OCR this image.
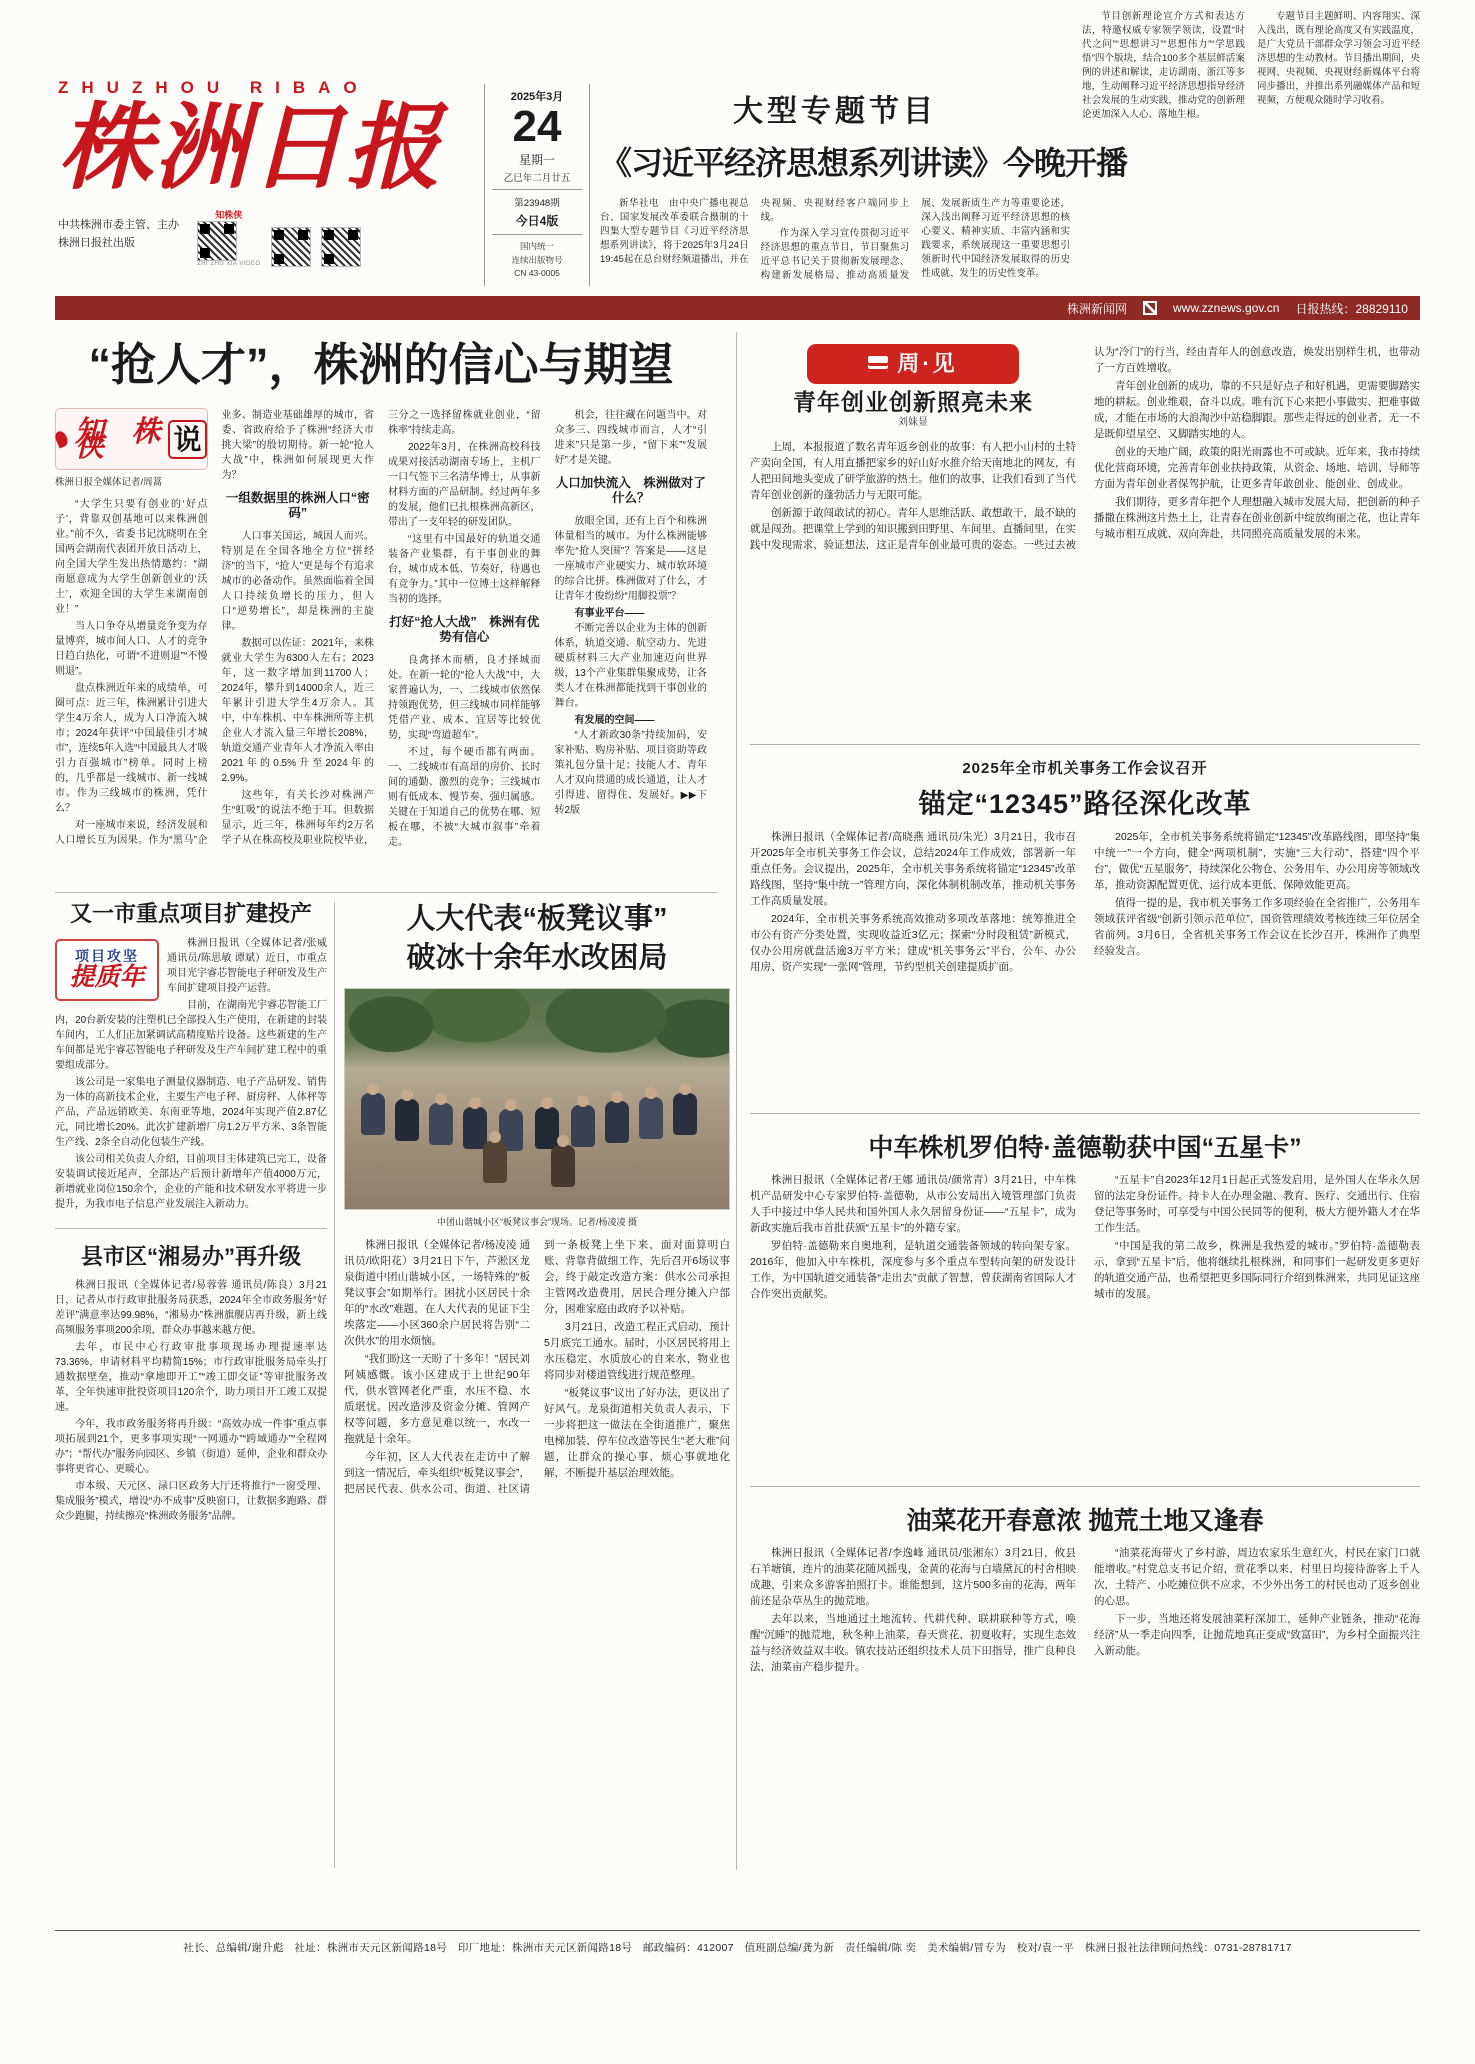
ZHUZHOU RIBAO
株洲日报
中共株洲市委主管、主办
株洲日报社出版
知株侠
ZHI ZHU XIA VIDEO
2025年3月
24
星期一
乙巳年二月廿五
第23948期
今日4版
国内统一
连续出版物号
CN 43-0005
大型专题节目
《习近平经济思想系列讲读》今晚开播

新华社电　由中央广播电视总台、国家发展改革委联合摄制的十四集大型专题节目《习近平经济思想系列讲读》，将于2025年3月24日19:45起在总台财经频道播出，并在央视频、央视财经客户端同步上线。

作为深入学习宣传贯彻习近平经济思想的重点节目，节目聚焦习近平总书记关于贯彻新发展理念、构建新发展格局、推动高质量发展、发展新质生产力等重要论述，深入浅出阐释习近平经济思想的核心要义、精神实质、丰富内涵和实践要求，系统展现这一重要思想引领新时代中国经济发展取得的历史性成就、发生的历史性变革。

节目创新理论宣介方式和表达方法，特邀权威专家领学领读，设置“时代之问”“思想讲习”“思想伟力”“学思践悟”四个版块，结合100多个基层鲜活案例的讲述和解读，走访湖南、浙江等多地，生动阐释习近平经济思想指导经济社会发展的生动实践，推动党的创新理论更加深入人心、落地生根。

专题节目主题鲜明、内容翔实、深入浅出，既有理论高度又有实践温度，是广大党员干部群众学习领会习近平经济思想的生动教材。节目播出期间，央视网、央视频、央视财经新媒体平台将同步播出，并推出系列融媒体产品和短视频，方便观众随时学习收看。

株洲新闻网	www.zznews.gov.cn 日报热线：28829110
“抢人才”，株洲的信心与期望
知株侠	说

株洲日报全媒体记者/周蒿

“大学生只要有创业的‘好点子’，背靠双创基地可以来株洲创业。”前不久，省委书记沈晓明在全国两会湖南代表团开放日活动上，向全国大学生发出热情邀约：“湖南愿意成为大学生创新创业的‘沃土’，欢迎全国的大学生来湖南创业！”

当人口争夺从增量竞争变为存量博弈，城市间人口、人才的竞争日趋白热化，可谓“不进则退”“不慢则退”。

盘点株洲近年来的成绩单，可圈可点：近三年，株洲累计引进大学生4万余人，成为人口净流入城市；2024年获评“中国最佳引才城市”，连续5年入选“中国最具人才吸引力百强城市”榜单。同时上榜的，几乎都是一线城市、新一线城市。作为三线城市的株洲，凭什么？

对一座城市来说，经济发展和人口增长互为因果。作为“黑马”企业多、制造业基础雄厚的城市，省委、省政府给予了株洲“经济大市挑大梁”的殷切期待。新一轮“抢人大战”中，株洲如何展现更大作为？

一组数据里的株洲人口“密码”

人口事关国运，城因人而兴。特别是在全国各地全方位“拼经济”的当下，“抢人”更是每个有追求城市的必备动作。虽然面临着全国人口持续负增长的压力，但人口“逆势增长”，却是株洲的主旋律。

数据可以佐证：2021年，来株就业大学生为6300人左右；2023年，这一数字增加到11700人；2024年，攀升到14000余人，近三年累计引进大学生4万余人。其中，中车株机、中车株洲所等主机企业人才流入量三年增长208%，轨道交通产业青年人才净流入率由2021年的0.5%升至2024年的2.9%。

这些年，有关长沙对株洲产生“虹吸”的说法不绝于耳。但数据显示，近三年，株洲每年约2万名学子从在株高校及职业院校毕业，三分之一选择留株就业创业，“留株率”持续走高。

2022年3月，在株洲高校科技成果对接活动湖南专场上，主机厂一口气签下三名清华博士，从事新材料方面的产品研制。经过两年多的发展，他们已扎根株洲高新区，带出了一支年轻的研发团队。

“这里有中国最好的轨道交通装备产业集群，有干事创业的舞台，城市成本低、节奏好，待遇也有竞争力。”其中一位博士这样解释当初的选择。

打好“抢人大战”　株洲有优势有信心

良禽择木而栖，良才择城而处。在新一轮的“抢人大战”中，大家普遍认为，一、二线城市依然保持领跑优势，但三线城市同样能够凭借产业、成本、宜居等比较优势，实现“弯道超车”。

不过，每个硬币都有两面。一、二线城市有高昂的房价、长时间的通勤、激烈的竞争；三线城市则有低成本、慢节奏、强归属感。关键在于知道自己的优势在哪、短板在哪，不被“大城市叙事”牵着走。

机会，往往藏在问题当中。对众多三、四线城市而言，人才“引进来”只是第一步，“留下来”“发展好”才是关键。

人口加快流入　株洲做对了什么？

放眼全国，还有上百个和株洲体量相当的城市。为什么株洲能够率先“抢人突围”？答案是——这是一座城市产业硬实力、城市软环境的综合比拼。株洲做对了什么，才让青年才俊纷纷“用脚投票”？

有事业平台——

不断完善以企业为主体的创新体系，轨道交通、航空动力、先进硬质材料三大产业加速迈向世界级，13个产业集群集聚成势，让各类人才在株洲都能找到干事创业的舞台。

有发展的空间——

“人才新政30条”持续加码，安家补贴、购房补贴、项目资助等政策礼包分量十足；技能人才、青年人才双向贯通的成长通道，让人才引得进、留得住、发展好。▶▶下转2版

周·见
青年创业创新照亮未来
刘妹显

上周，本报报道了数名青年返乡创业的故事：有人把小山村的土特产卖向全国，有人用直播把家乡的好山好水推介给天南地北的网友，有人把田间地头变成了研学旅游的热土。他们的故事，让我们看到了当代青年创业创新的蓬勃活力与无限可能。

创新源于敢闯敢试的初心。青年人思维活跃、敢想敢干，最不缺的就是闯劲。把课堂上学到的知识搬到田野里、车间里、直播间里，在实践中发现需求、验证想法，这正是青年创业最可贵的姿态。一些过去被认为“冷门”的行当，经由青年人的创意改造，焕发出别样生机，也带动了一方百姓增收。

青年创业创新的成功，靠的不只是好点子和好机遇，更需要脚踏实地的耕耘。创业维艰，奋斗以成。唯有沉下心来把小事做实、把难事做成，才能在市场的大浪淘沙中站稳脚跟。那些走得远的创业者，无一不是既仰望星空、又脚踏实地的人。

创业的天地广阔，政策的阳光雨露也不可或缺。近年来，我市持续优化营商环境，完善青年创业扶持政策，从资金、场地、培训、导师等方面为青年创业者保驾护航，让更多青年敢创业、能创业、创成业。

我们期待，更多青年把个人理想融入城市发展大局，把创新的种子播撒在株洲这片热土上，让青春在创业创新中绽放绚丽之花，也让青年与城市相互成就、双向奔赴，共同照亮高质量发展的未来。

2025年全市机关事务工作会议召开
锚定“12345”路径深化改革

株洲日报讯（全媒体记者/高晓燕 通讯员/朱光）3月21日，我市召开2025年全市机关事务工作会议，总结2024年工作成效，部署新一年重点任务。会议提出，2025年，全市机关事务系统将锚定“12345”改革路线图，坚持“集中统一”管理方向，深化体制机制改革，推动机关事务工作高质量发展。

2024年，全市机关事务系统高效推动多项改革落地：统筹推进全市公有资产分类处置，实现收益近3亿元；探索“分时段租赁”新模式，仅办公用房就盘活逾3万平方米；建成“机关事务云”平台，公车、办公用房、资产实现“一张网”管理，节约型机关创建提质扩面。

2025年，全市机关事务系统将锚定“12345”改革路线图，即坚持“集中统一”一个方向，健全“两项机制”，实施“三大行动”，搭建“四个平台”，做优“五星服务”，持续深化公物仓、公务用车、办公用房等领域改革，推动资源配置更优、运行成本更低、保障效能更高。

值得一提的是，我市机关事务工作多项经验在全省推广，公务用车领域获评省级“创新引领示范单位”，国资管理绩效考核连续三年位居全省前列。3月6日，全省机关事务工作会议在长沙召开，株洲作了典型经验发言。

中车株机罗伯特·盖德勒获中国“五星卡”

株洲日报讯（全媒体记者/王娜 通讯员/颜常青）3月21日，中车株机产品研发中心专家罗伯特·盖德勒，从市公安局出入境管理部门负责人手中接过中华人民共和国外国人永久居留身份证——“五星卡”，成为新政实施后我市首批获颁“五星卡”的外籍专家。

罗伯特·盖德勒来自奥地利，是轨道交通装备领域的转向架专家。2016年，他加入中车株机，深度参与多个重点车型转向架的研发设计工作，为中国轨道交通装备“走出去”贡献了智慧，曾获湖南省国际人才合作突出贡献奖。

“五星卡”自2023年12月1日起正式签发启用，是外国人在华永久居留的法定身份证件。持卡人在办理金融、教育、医疗、交通出行、住宿登记等事务时，可享受与中国公民同等的便利，极大方便外籍人才在华工作生活。

“中国是我的第二故乡，株洲是我热爱的城市。”罗伯特·盖德勒表示，拿到“五星卡”后，他将继续扎根株洲，和同事们一起研发更多更好的轨道交通产品，也希望把更多国际同行介绍到株洲来，共同见证这座城市的发展。

油菜花开春意浓 抛荒土地又逢春

株洲日报讯（全媒体记者/李逸峰 通讯员/张湘东）3月21日，攸县石羊塘镇，连片的油菜花随风摇曳，金黄的花海与白墙黛瓦的村舍相映成趣，引来众多游客拍照打卡。谁能想到，这片500多亩的花海，两年前还是杂草丛生的抛荒地。

去年以来，当地通过土地流转、代耕代种、联耕联种等方式，唤醒“沉睡”的抛荒地，秋冬种上油菜，春天赏花、初夏收籽，实现生态效益与经济效益双丰收。镇农技站还组织技术人员下田指导，推广良种良法，油菜亩产稳步提升。

“油菜花海带火了乡村游，周边农家乐生意红火，村民在家门口就能增收。”村党总支书记介绍，赏花季以来，村里日均接待游客上千人次，土特产、小吃摊位供不应求，不少外出务工的村民也动了返乡创业的心思。

下一步，当地还将发展油菜籽深加工，延伸产业链条，推动“花海经济”从一季走向四季，让抛荒地真正变成“致富田”，为乡村全面振兴注入新动能。

又一市重点项目扩建投产
项目攻坚
提质年

株洲日报讯（全媒体记者/张威 通讯员/陈思敏 谭斌）近日，市重点项目光宇睿芯智能电子秤研发及生产车间扩建项目投产运营。

目前，在湖南光宇睿芯智能工厂内，20台新安装的注塑机已全部投入生产使用，在新建的封装车间内，工人们正加紧调试高精度贴片设备。这些新建的生产车间都是光宇睿芯智能电子秤研发及生产车间扩建工程中的重要组成部分。

该公司是一家集电子测量仪器制造、电子产品研发、销售为一体的高新技术企业，主要生产电子秤、厨房秤、人体秤等产品，产品远销欧美、东南亚等地，2024年实现产值2.87亿元，同比增长20%。此次扩建新增厂房1.2万平方米、3条智能生产线、2条全自动化包装生产线。

该公司相关负责人介绍，目前项目主体建筑已完工，设备安装调试接近尾声，全部达产后预计新增年产值4000万元，新增就业岗位150余个，企业的产能和技术研发水平将进一步提升，为我市电子信息产业发展注入新动力。

县市区“湘易办”再升级

株洲日报讯（全媒体记者/易蓉蓉 通讯员/陈良）3月21日，记者从市行政审批服务局获悉，2024年全市政务服务“好差评”满意率达99.98%，“湘易办”株洲旗舰店再升级，新上线高频服务事项200余项，群众办事越来越方便。

去年，市民中心行政审批事项现场办理提速率达73.36%，申请材料平均精简15%；市行政审批服务局牵头打通数据壁垒，推动“拿地即开工”“竣工即交证”等审批服务改革，全年快速审批投资项目120余个，助力项目开工竣工双提速。

今年，我市政务服务将再升级：“高效办成一件事”重点事项拓展到21个，更多事项实现“一网通办”“跨域通办”“全程网办”；“帮代办”服务向园区、乡镇（街道）延伸，企业和群众办事将更省心、更暖心。

市本级、天元区、渌口区政务大厅还将推行“一窗受理、集成服务”模式，增设“办不成事”反映窗口，让数据多跑路、群众少跑腿，持续擦亮“株洲政务服务”品牌。

人大代表“板凳议事”
破冰十余年水改困局
中团山谐城小区“板凳议事会”现场。记者/杨凌凌 摄

株洲日报讯（全媒体记者/杨凌凌 通讯员/欧阳花）3月21日下午，芦淞区龙泉街道中团山谐城小区，一场特殊的“板凳议事会”如期举行。困扰小区居民十余年的“水改”难题，在人大代表的见证下尘埃落定——小区360余户居民将告别“二次供水”的用水烦恼。

“我们盼这一天盼了十多年！”居民刘阿姨感慨。该小区建成于上世纪90年代，供水管网老化严重，水压不稳、水质堪忧。因改造涉及资金分摊、管网产权等问题，多方意见难以统一，水改一拖就是十余年。

今年初，区人大代表在走访中了解到这一情况后，牵头组织“板凳议事会”，把居民代表、供水公司、街道、社区请到一条板凳上坐下来，面对面算明白账、背靠背做细工作，先后召开6场议事会，终于敲定改造方案：供水公司承担主管网改造费用，居民合理分摊入户部分，困难家庭由政府予以补贴。

3月21日，改造工程正式启动，预计5月底完工通水。届时，小区居民将用上水压稳定、水质放心的自来水，物业也将同步对楼道管线进行规范整理。

“板凳议事”议出了好办法，更议出了好风气。龙泉街道相关负责人表示，下一步将把这一做法在全街道推广，聚焦电梯加装、停车位改造等民生“老大难”问题，让群众的操心事、烦心事就地化解，不断提升基层治理效能。

社长、总编辑/谢升彪　社址：株洲市天元区新闻路18号　印厂地址：株洲市天元区新闻路18号　邮政编码：412007　值班副总编/龚为新　责任编辑/陈 奕　美术编辑/冒专为　校对/袁一平　株洲日报社法律顾问热线：0731-28781717
